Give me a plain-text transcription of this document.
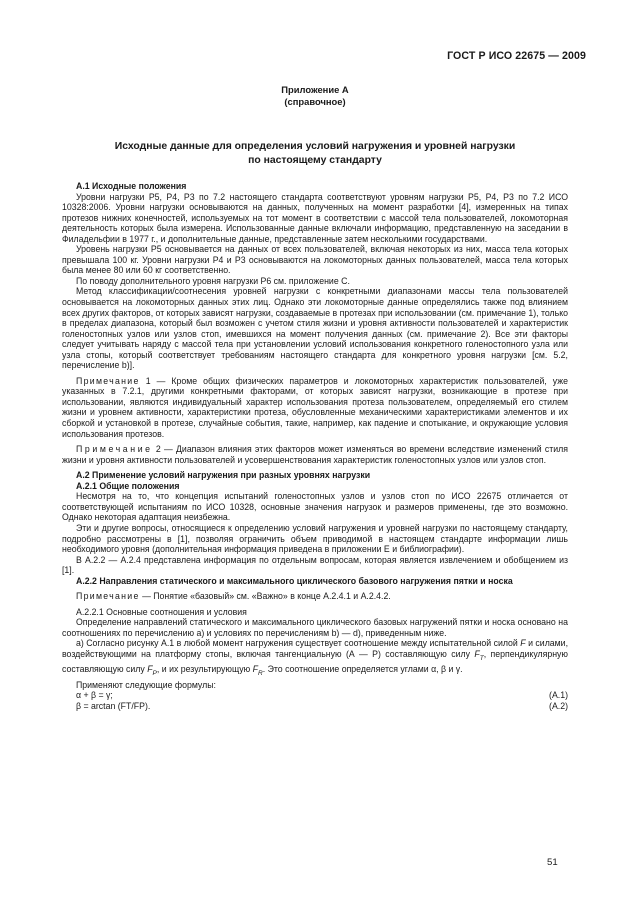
ГОСТ Р ИСО 22675 — 2009
Приложение А
(справочное)
Исходные данные для определения условий нагружения и уровней нагрузки
по настоящему стандарту

А.1 Исходные положения

Уровни нагрузки Р5, Р4, Р3 по 7.2 настоящего стандарта соответствуют уровням нагрузки Р5, Р4, Р3 по 7.2 ИСО 10328:2006. Уровни нагрузки основываются на данных, полученных на момент разработки [4], измеренных на типах протезов нижних конечностей, используемых на тот момент в соответствии с массой тела пользователей, локомоторная деятельность которых была измерена. Использованные данные включали информацию, представленную на заседании в Филадельфии в 1977 г., и дополнительные данные, представленные затем несколькими государствами.

Уровень нагрузки Р5 основывается на данных от всех пользователей, включая некоторых из них, масса тела которых превышала 100 кг. Уровни нагрузки Р4 и Р3 основываются на локомоторных данных пользователей, масса тела которых была менее 80 или 60 кг соответственно.

По поводу дополнительного уровня нагрузки Р6 см. приложение С.

Метод классификации/соотнесения уровней нагрузки с конкретными диапазонами массы тела пользователей основывается на локомоторных данных этих лиц. Однако эти локомоторные данные определялись также под влиянием всех других факторов, от которых зависят нагрузки, создаваемые в протезах при использовании (см. примечание 1), только в пределах диапазона, который был возможен с учетом стиля жизни и уровня активности пользователей и характеристик голеностопных узлов или узлов стоп, имевшихся на момент получения данных (см. примечание 2). Все эти факторы следует учитывать наряду с массой тела при установлении условий использования конкретного голеностопного узла или узла стопы, который соответствует требованиям настоящего стандарта для конкретного уровня нагрузки [см. 5.2, перечисление b)].

Примечание 1 — Кроме общих физических параметров и локомоторных характеристик пользователей, уже указанных в 7.2.1, другими конкретными факторами, от которых зависят нагрузки, возникающие в протезе при использовании, являются индивидуальный характер использования протеза пользователем, определяемый его стилем жизни и уровнем активности, характеристики протеза, обусловленные механическими характеристиками элементов и их сборкой и установкой в протезе, случайные события, такие, например, как падение и спотыкание, и окружающие условия использования протезов.

Примечание 2 — Диапазон влияния этих факторов может изменяться во времени вследствие изменений стиля жизни и уровня активности пользователей и усовершенствования характеристик голеностопных узлов или узлов стоп.

А.2 Применение условий нагружения при разных уровнях нагрузки

А.2.1 Общие положения

Несмотря на то, что концепция испытаний голеностопных узлов и узлов стоп по ИСО 22675 отличается от соответствующей испытаниям по ИСО 10328, основные значения нагрузок и размеров применены, где это возможно. Однако некоторая адаптация неизбежна.

Эти и другие вопросы, относящиеся к определению условий нагружения и уровней нагрузки по настоящему стандарту, подробно рассмотрены в [1], позволяя ограничить объем приводимой в настоящем стандарте информации лишь необходимого уровня (дополнительная информация приведена в приложении Е и библиографии).

В А.2.2 — А.2.4 представлена информация по отдельным вопросам, которая является извлечением и обобщением из [1].

А.2.2 Направления статического и максимального циклического базового нагружения пятки и носка

Примечание — Понятие «базовый» см. «Важно» в конце А.2.4.1 и А.2.4.2.

А.2.2.1 Основные соотношения и условия

Определение направлений статического и максимального циклического базовых нагружений пятки и носка основано на соотношениях по перечислению а) и условиях по перечислениям b) — d), приведенным ниже.

а) Согласно рисунку А.1 в любой момент нагружения существует соотношение между испытательной силой F и силами, воздействующими на платформу стопы, включая тангенциальную (А — Р) составляющую силу $F_T$, перпендикулярную составляющую силу $F_P$, и их результирующую $F_R$. Это соотношение определяется углами α, β и γ.

Применяют следующие формулы:

α + β = γ;	(А.1)
β = arctan (FT/FP).	(А.2)
51
